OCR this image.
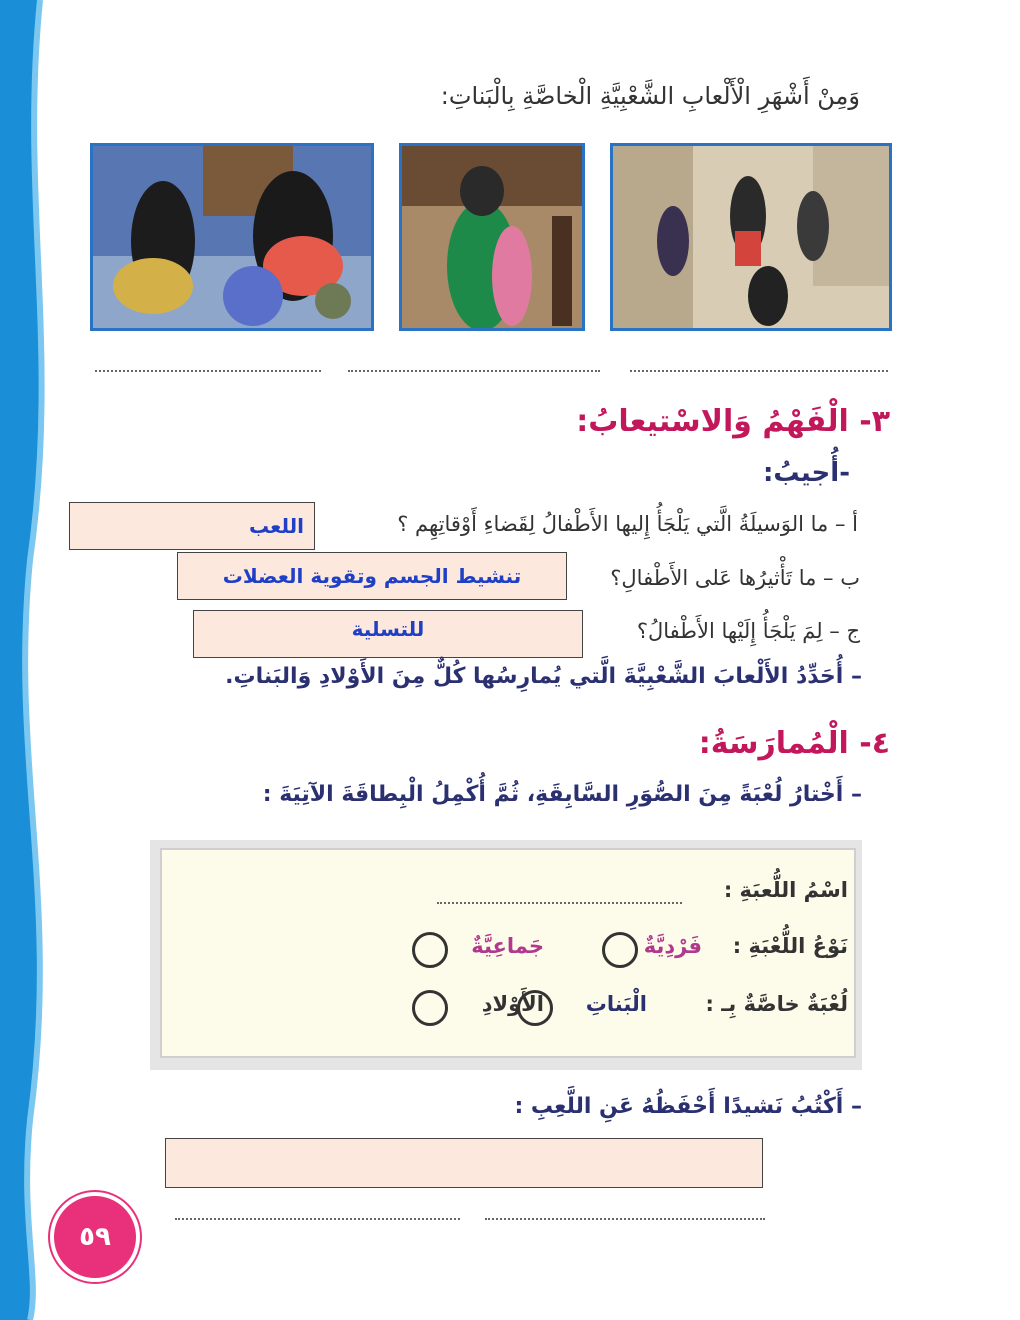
وَمِنْ أَشْهَرِ الْأَلْعابِ الشَّعْبِيَّةِ الْخاصَّةِ بِالْبَناتِ:
٣- الْفَهْمُ وَالاسْتيعابُ:
-أُجيبُ:
أ – ما الوَسيلَةُ الَّتي يَلْجَأُ إِليها الأَطْفالُ لِقَضاءِ أَوْقاتِهِم ؟
اللعب
ب – ما تَأْثيرُها عَلى الأَطْفالِ؟
تنشيط الجسم وتقوية العضلات
ج – لِمَ يَلْجَأُ إِلَيْها الأَطْفالُ؟
للتسلية
– أُحَدِّدُ الأَلْعابَ الشَّعْبِيَّةَ الَّتي يُمارِسُها كُلٌّ مِنَ الأَوْلادِ وَالبَناتِ.
٤- الْمُمارَسَةُ:
– أَخْتارُ لُعْبَةً مِنَ الصُّوَرِ السَّابِقَةِ، ثُمَّ أُكْمِلُ الْبِطاقَةَ الآتِيَةَ :
اسْمُ اللُّعبَةِ :
نَوْعُ اللُّعْبَةِ :
فَرْدِيَّةٌ
جَماعِيَّةٌ
لُعْبَةٌ خاصَّةٌ بِـ :
الْبَناتِ
الأَوْلادِ
– أَكْتُبُ نَشيدًا أَحْفَظُهُ عَنِ اللَّعِبِ :
٥٩
